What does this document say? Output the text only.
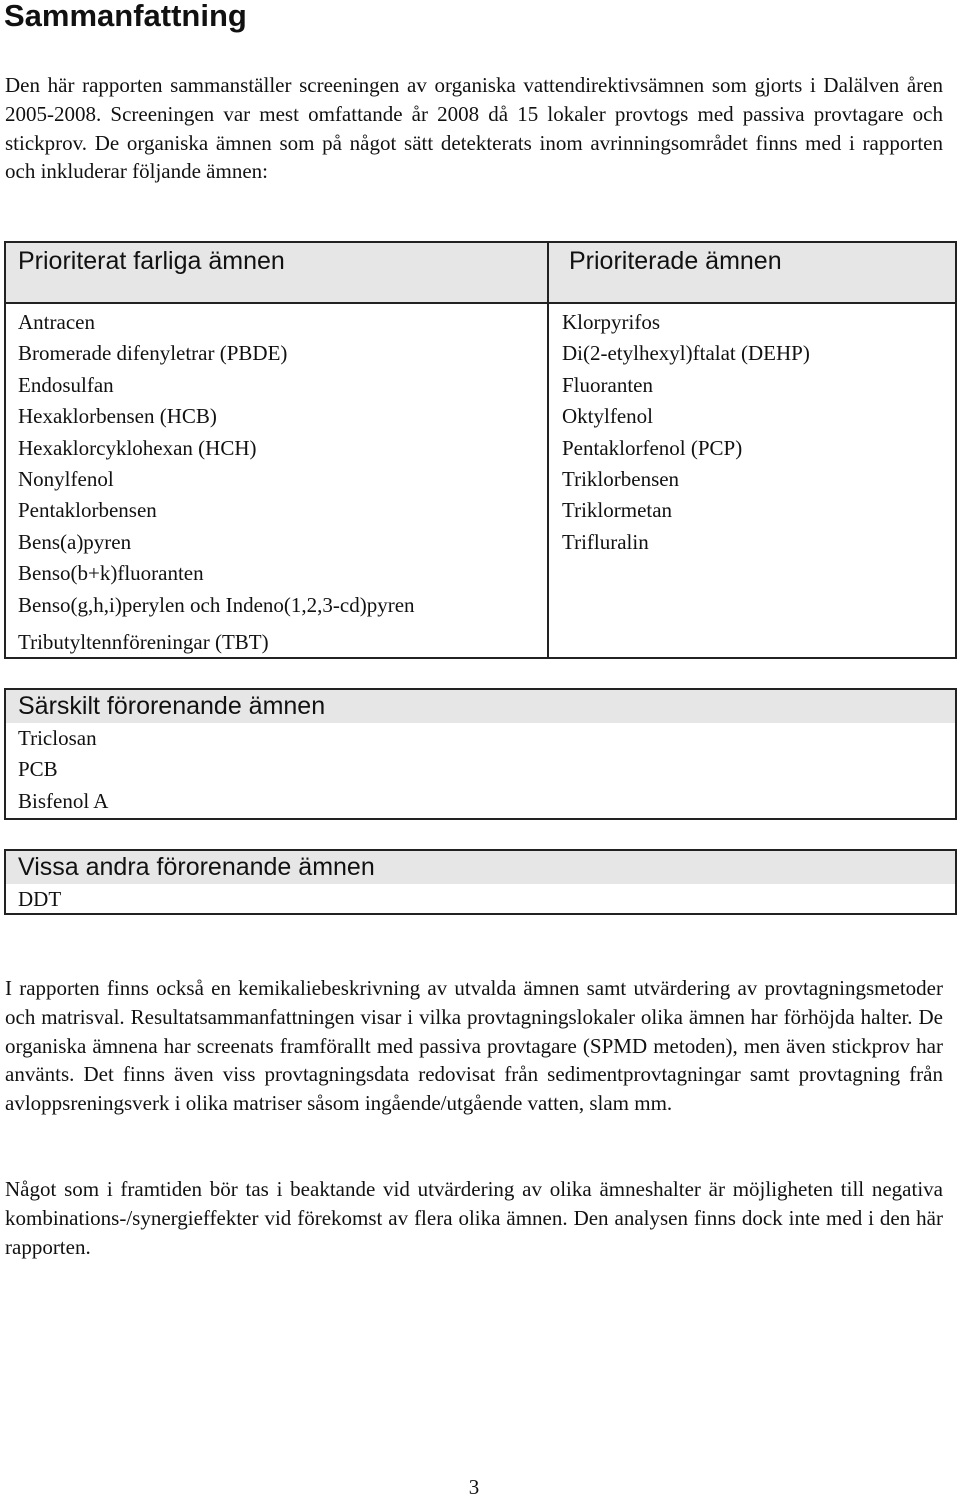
Sammanfattning

Den här rapporten sammanställer screeningen av organiska vattendirektivsämnen som gjorts i Dalälven åren 2005-2008. Screeningen var mest omfattande år 2008 då 15 lokaler provtogs med passiva provtagare och stickprov. De organiska ämnen som på något sätt detekterats inom avrinningsområdet finns med i rapporten och inkluderar följande ämnen:

Prioriterat farliga ämnen
Antracen
Bromerade difenyletrar (PBDE)
Endosulfan
Hexaklorbensen (HCB)
Hexaklorcyklohexan (HCH)
Nonylfenol
Pentaklorbensen
Bens(a)pyren
Benso(b+k)fluoranten
Benso(g,h,i)perylen och Indeno(1,2,3-cd)pyren
Tributyltennföreningar (TBT)
Prioriterade ämnen
Klorpyrifos
Di(2-etylhexyl)ftalat (DEHP)
Fluoranten
Oktylfenol
Pentaklorfenol (PCP)
Triklorbensen
Triklormetan
Trifluralin
Särskilt förorenande ämnen
Triclosan
PCB
Bisfenol A
Vissa andra förorenande ämnen
DDT

I rapporten finns också en kemikaliebeskrivning av utvalda ämnen samt utvärdering av provtagningsmetoder och matrisval. Resultatsammanfattningen visar i vilka provtagningslokaler olika ämnen har förhöjda halter. De organiska ämnena har screenats framförallt med passiva provtagare (SPMD metoden), men även stickprov har använts. Det finns även viss provtagningsdata redovisat från sedimentprovtagningar samt provtagning från avloppsreningsverk i olika matriser såsom ingående/utgående vatten, slam mm.

Något som i framtiden bör tas i beaktande vid utvärdering av olika ämneshalter är möjligheten till negativa kombinations-/synergieffekter vid förekomst av flera olika ämnen. Den analysen finns dock inte med i den här rapporten.

3
